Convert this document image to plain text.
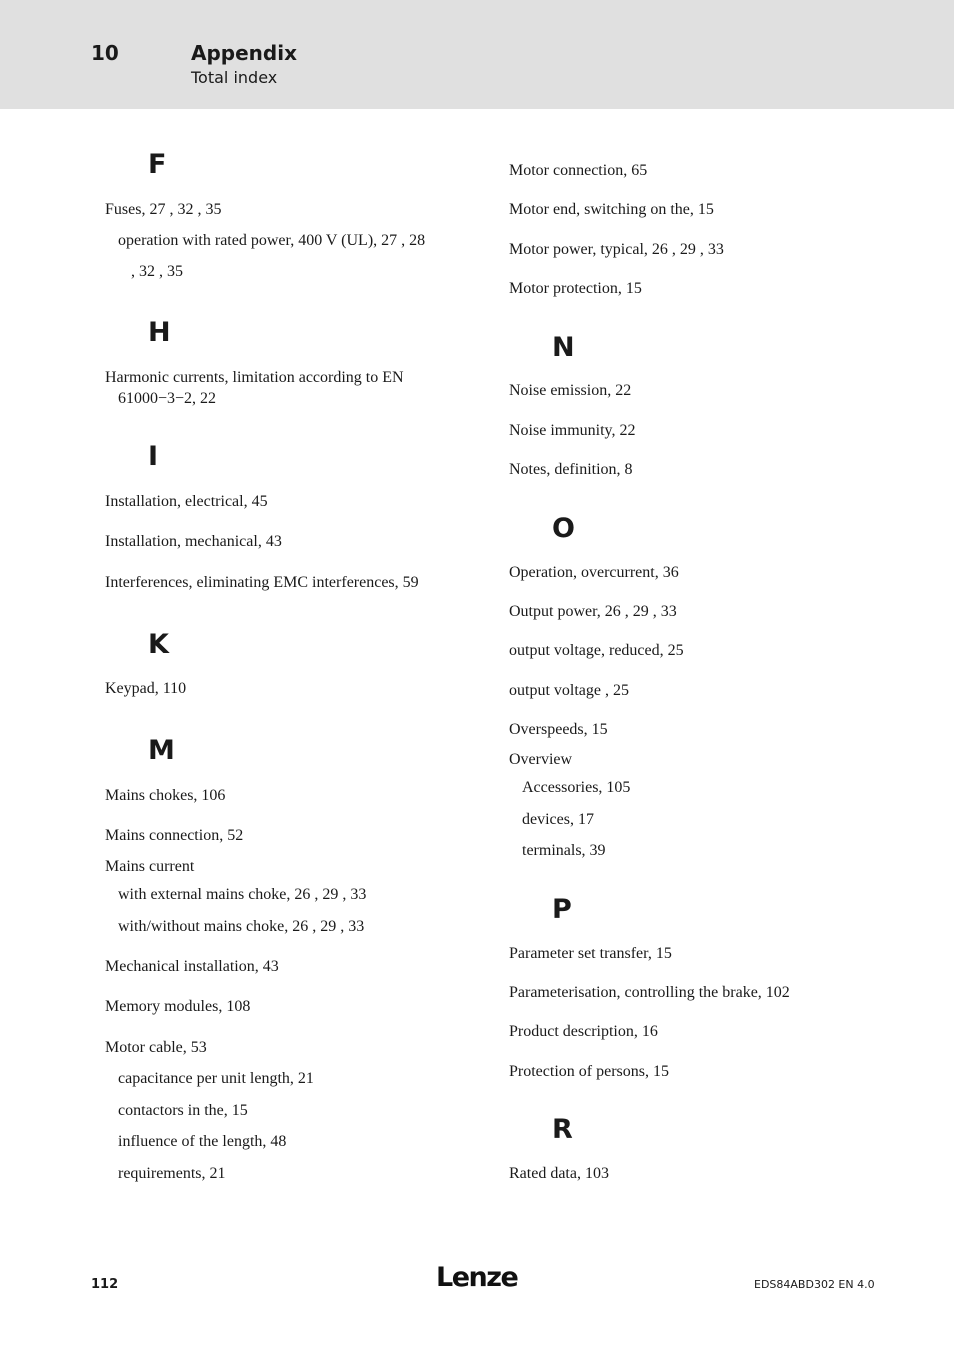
10	Appendix
Total index
F
Fuses, 27 , 32 , 35
operation with rated power, 400 V (UL), 27 , 28
, 32 , 35
H
Harmonic currents, limitation according to EN
61000−3−2, 22
I
Installation, electrical, 45
Installation, mechanical, 43
Interferences, eliminating EMC interferences, 59
K
Keypad, 110
M
Mains chokes, 106
Mains connection, 52
Mains current
with external mains choke, 26 , 29 , 33
with/without mains choke, 26 , 29 , 33
Mechanical installation, 43
Memory modules, 108
Motor cable, 53
capacitance per unit length, 21
contactors in the, 15
influence of the length, 48
requirements, 21
Motor connection, 65
Motor end, switching on the, 15
Motor power, typical, 26 , 29 , 33
Motor protection, 15
N
Noise emission, 22
Noise immunity, 22
Notes, definition, 8
O
Operation, overcurrent, 36
Output power, 26 , 29 , 33
output voltage, reduced, 25
output voltage , 25
Overspeeds, 15
Overview
Accessories, 105
devices, 17
terminals, 39
P
Parameter set transfer, 15
Parameterisation, controlling the brake, 102
Product description, 16
Protection of persons, 15
R
Rated data, 103
112	Lenze	EDS84ABD302 EN 4.0
